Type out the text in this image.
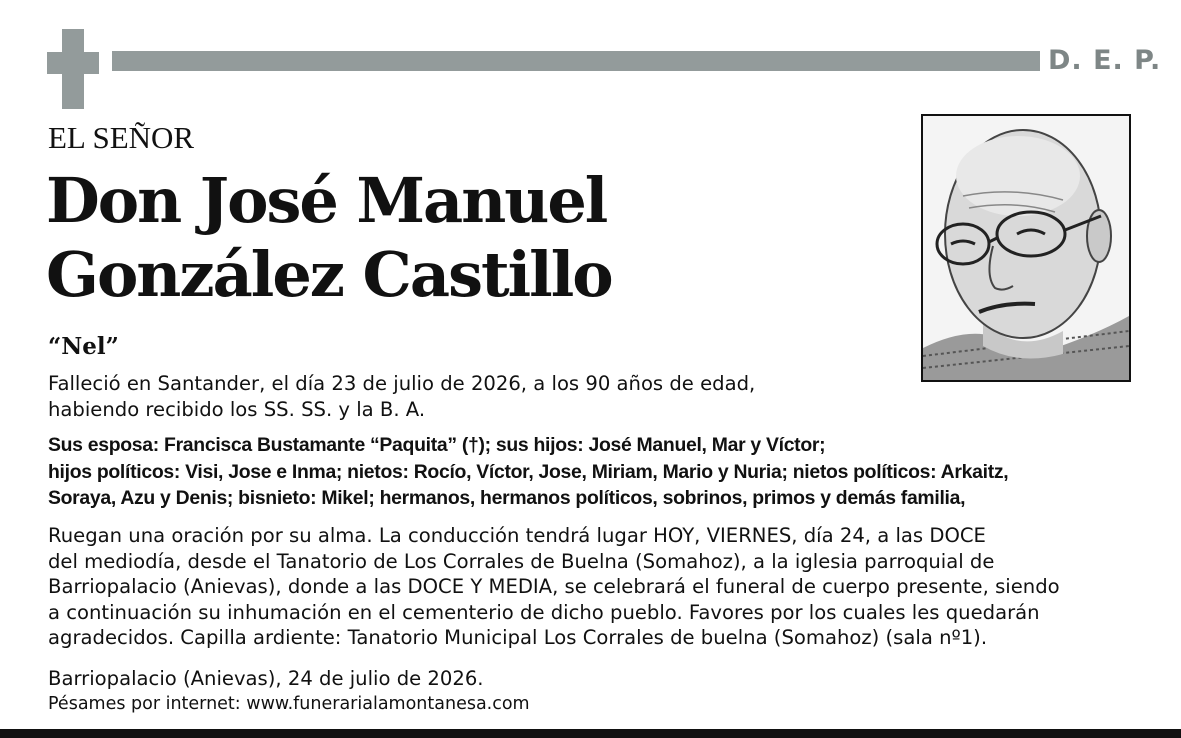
D. E. P.
EL SEÑOR
Don José Manuel
González Castillo
“Nel”
Falleció en Santander, el día 23 de julio de 2026, a los 90 años de edad,
habiendo recibido los SS. SS. y la B. A.
Sus esposa: Francisca Bustamante “Paquita” (†); sus hijos: José Manuel, Mar y Víctor;
hijos políticos: Visi, Jose e Inma; nietos: Rocío, Víctor, Jose, Miriam, Mario y Nuria; nietos políticos: Arkaitz,
Soraya, Azu y Denis; bisnieto: Mikel; hermanos, hermanos políticos, sobrinos, primos y demás familia,
Ruegan una oración por su alma. La conducción tendrá lugar HOY, VIERNES, día 24, a las DOCE
del mediodía, desde el Tanatorio de Los Corrales de Buelna (Somahoz), a la iglesia parroquial de
Barriopalacio (Anievas), donde a las DOCE Y MEDIA, se celebrará el funeral de cuerpo presente, siendo
a continuación su inhumación en el cementerio de dicho pueblo. Favores por los cuales les quedarán
agradecidos. Capilla ardiente: Tanatorio Municipal Los Corrales de buelna (Somahoz) (sala nº1).
Barriopalacio (Anievas), 24 de julio de 2026.
Pésames por internet: www.funerarialamontanesa.com
